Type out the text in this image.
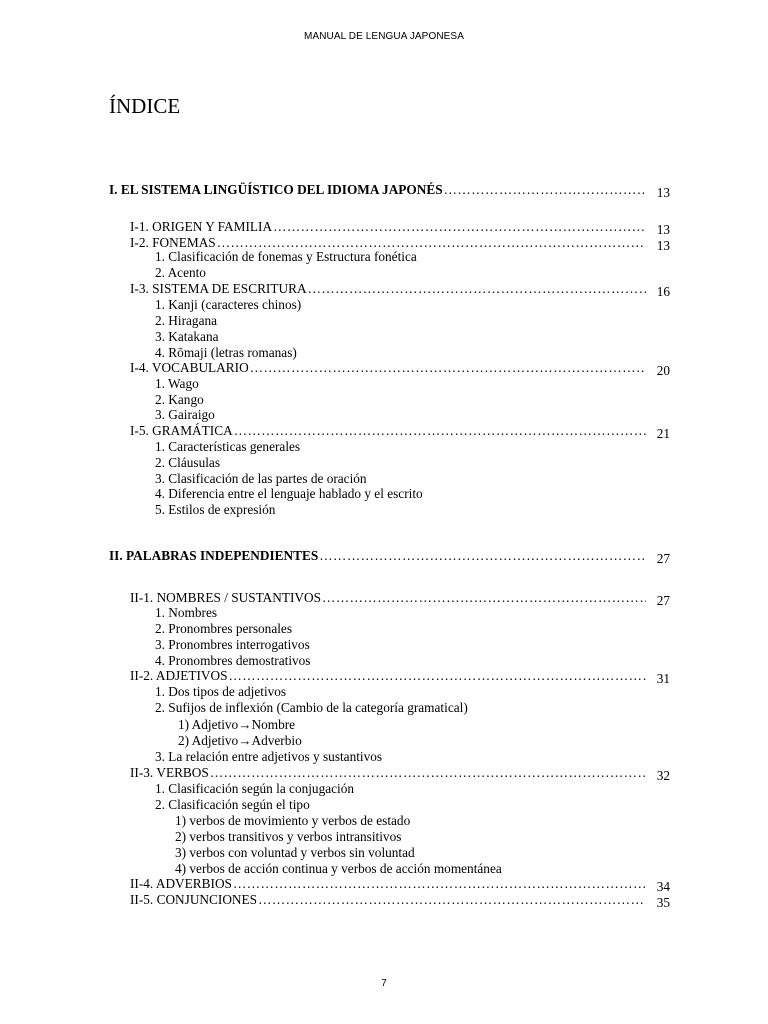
MANUAL DE LENGUA JAPONESA
ÍNDICE
I. EL SISTEMA LINGÜÍSTICO DEL IDIOMA JAPONÉS ……………………………………………………………………………………………………………………………………………………………………	13
I-1. ORIGEN Y FAMILIA ……………………………………………………………………………………………………………………………………………………………………	13
I-2. FONEMAS ……………………………………………………………………………………………………………………………………………………………………	13
1. Clasificación de fonemas y Estructura fonética
2. Acento
I-3. SISTEMA DE ESCRITURA ……………………………………………………………………………………………………………………………………………………………………	16
1. Kanji (caracteres chinos)
2. Hiragana
3. Katakana
4. Rōmaji (letras romanas)
I-4. VOCABULARIO ……………………………………………………………………………………………………………………………………………………………………	20
1. Wago
2. Kango
3. Gairaigo
I-5. GRAMÁTICA ……………………………………………………………………………………………………………………………………………………………………	21
1. Características generales
2. Cláusulas
3. Clasificación de las partes de oración
4. Diferencia entre el lenguaje hablado y el escrito
5. Estilos de expresión
II. PALABRAS INDEPENDIENTES ……………………………………………………………………………………………………………………………………………………………………	27
II-1. NOMBRES / SUSTANTIVOS ……………………………………………………………………………………………………………………………………………………………………	27
1. Nombres
2. Pronombres personales
3. Pronombres interrogativos
4. Pronombres demostrativos
II-2. ADJETIVOS ……………………………………………………………………………………………………………………………………………………………………	31
1. Dos tipos de adjetivos
2. Sufijos de inflexión (Cambio de la categoría gramatical)
1) Adjetivo→Nombre
2) Adjetivo→Adverbio
3. La relación entre adjetivos y sustantivos
II-3. VERBOS ……………………………………………………………………………………………………………………………………………………………………	32
1. Clasificación según la conjugación
2. Clasificación según el tipo
1) verbos de movimiento y verbos de estado
2) verbos transitivos y verbos intransitivos
3) verbos con voluntad y verbos sin voluntad
4) verbos de acción continua y verbos de acción momentánea
II-4. ADVERBIOS ……………………………………………………………………………………………………………………………………………………………………	34
II-5. CONJUNCIONES ……………………………………………………………………………………………………………………………………………………………………	35
7
